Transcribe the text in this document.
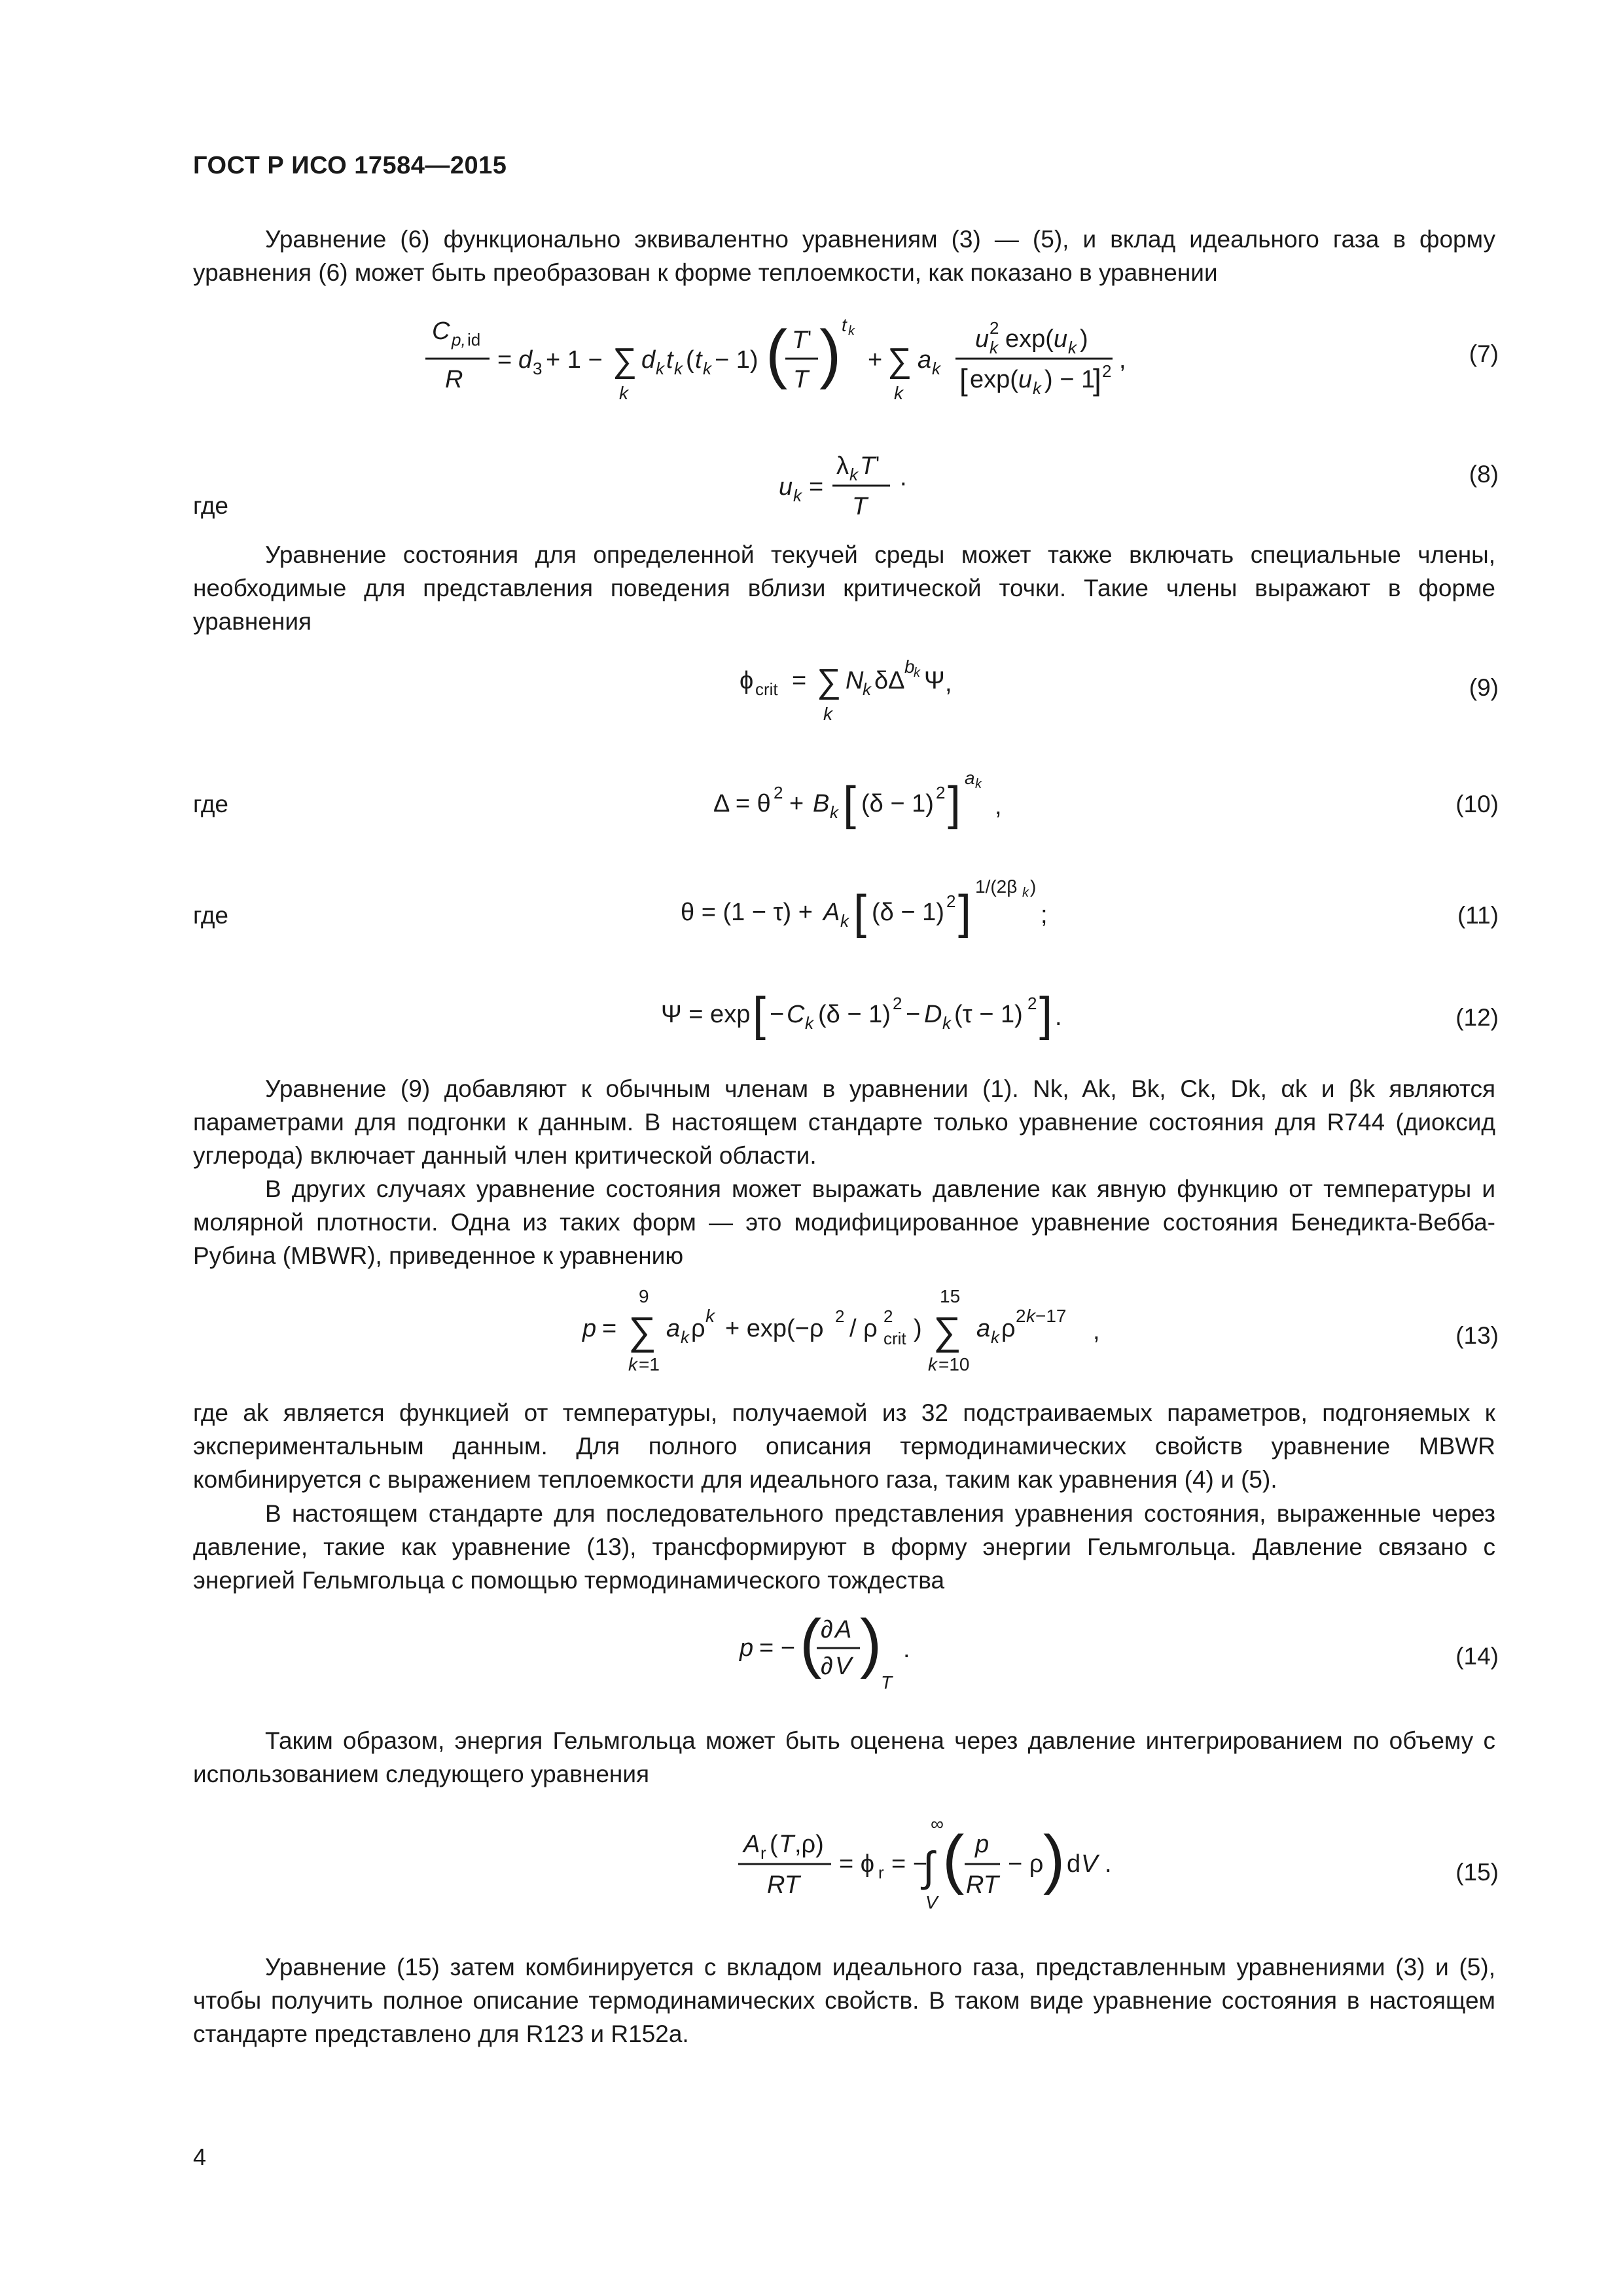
ГОСТ Р ИСО 17584—2015
Уравнение (6) функционально эквивалентно уравнениям (3) — (5), и вклад идеального газа в форму уравнения (6) может быть преобразован к форме теплоемкости, как показано в уравнении
C p, id
R
= d 3 + 1 − ∑
k
d k t k ( t k − 1) ( T '
T ) t k
+ ∑
k
a k
u 2
k exp( u k )
[ exp( u k ) − 1
] 2 ,	(7)
u k =
λ k T '
T
·
где
(8)
Уравнение состояния для определенной текучей среды может также включать специальные члены, необходимые для представления поведения вблизи критической точки. Такие члены выражают в форме уравнения
ϕ crit = ∑
k
N
k δΔ
b
k Ψ ,	(9)
Δ = θ 2 + B k [ (δ − 1) 2 ] a k
,
где	(10)
θ = (1 − τ) + A k [ (δ − 1) 2 ] 1/(2β k )
;
где	(11)
Ψ = exp [ − C k (δ − 1) 2 − D k (τ − 1) 2 ] .	(12)
Уравнение (9) добавляют к обычным членам в уравнении (1). Nk, Ak, Bk, Ck, Dk, αk и βk являются параметрами для подгонки к данным. В настоящем стандарте только уравнение состояния для R744 (диоксид углерода) включает данный член критической области.
В других случаях уравнение состояния может выражать давление как явную функцию от температуры и молярной плотности. Одна из таких форм — это модифицированное уравнение состояния Бенедикта-Вебба-Рубина (MBWR), приведенное к уравнению
p =
9
∑
k =1
a k ρ k + exp(−ρ 2 / ρ 2
crit )
15
∑
k =10
a k ρ 2 k −17
,	(13)
где ak является функцией от температуры, получаемой из 32 подстраиваемых параметров, подгоняемых к экспериментальным данным. Для полного описания термодинамических свойств уравнение MBWR комбинируется с выражением теплоемкости для идеального газа, таким как уравнения (4) и (5).
В настоящем стандарте для последовательного представления уравнения состояния, выраженные через давление, такие как уравнение (13), трансформируют в форму энергии Гельмгольца. Давление связано с энергией Гельмгольца с помощью термодинамического тождества
p = − (
∂ A
∂ V )
T
.	(14)
Таким образом, энергия Гельмгольца может быть оценена через давление интегрированием по объему с использованием следующего уравнения
A r ( T ,ρ)
RT
= ϕ r = −
∞
∫
V
( p
RT
− ρ ) d V .	(15)
Уравнение (15) затем комбинируется с вкладом идеального газа, представленным уравнениями (3) и (5), чтобы получить полное описание термодинамических свойств. В таком виде уравнение состояния в настоящем стандарте представлено для R123 и R152a.
4
